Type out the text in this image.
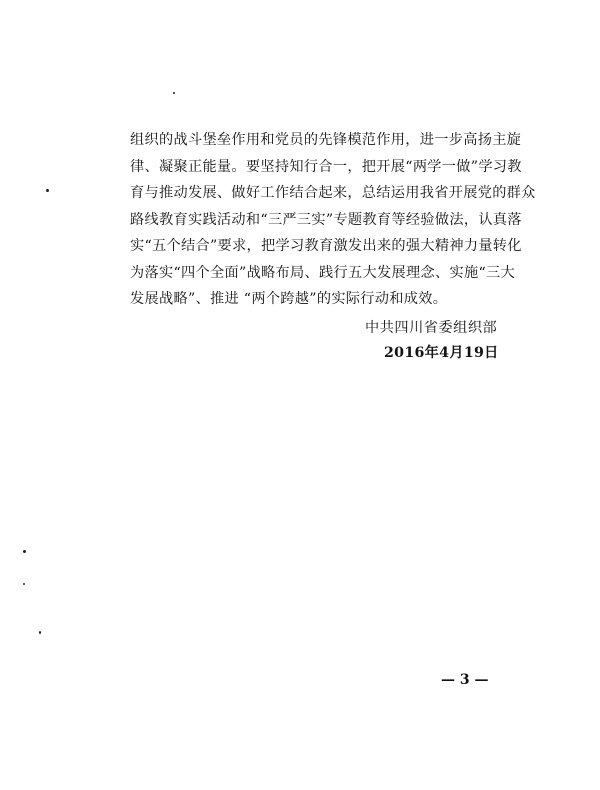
组织的战斗堡垒作用和党员的先锋模范作用，进一步高扬主旋
律、凝聚正能量。要坚持知行合一，把开展“两学一做”学习教
育与推动发展、做好工作结合起来，总结运用我省开展党的群众
路线教育实践活动和“三严三实”专题教育等经验做法，认真落
实“五个结合”要求，把学习教育激发出来的强大精神力量转化
为落实“四个全面”战略布局、践行五大发展理念、实施“三大
发展战略”、推进 “两个跨越”的实际行动和成效。
中共四川省委组织部
2016年4月19日
— 3 —
